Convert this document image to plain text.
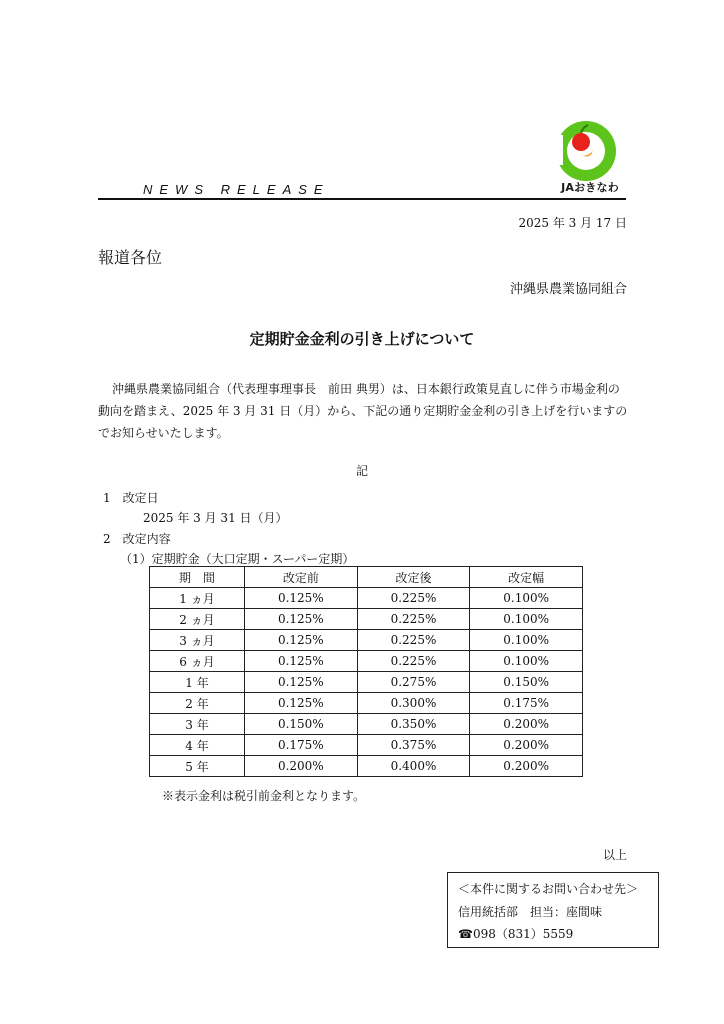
JAおきなわ
NEWS RELEASE
2025 年 3 月 17 日
報道各位
沖縄県農業協同組合
定期貯金金利の引き上げについて

沖縄県農業協同組合（代表理事理事長　前田 典男）は、日本銀行政策見直しに伴う市場金利の動向を踏まえ、2025 年 3 月 31 日（月）から、下記の通り定期貯金金利の引き上げを行いますのでお知らせいたします。

記
1　改定日
2025 年 3 月 31 日（月）
2　改定内容
（1）定期貯金（大口定期・スーパー定期）
期　間	改定前	改定後	改定幅
1 ヵ月	0.125%	0.225%	0.100%
2 ヵ月	0.125%	0.225%	0.100%
3 ヵ月	0.125%	0.225%	0.100%
6 ヵ月	0.125%	0.225%	0.100%
1 年	0.125%	0.275%	0.150%
2 年	0.125%	0.300%	0.175%
3 年	0.150%	0.350%	0.200%
4 年	0.175%	0.375%	0.200%
5 年	0.200%	0.400%	0.200%
※表示金利は税引前金利となります。
以上
＜本件に関するお問い合わせ先＞
信用統括部　担当：座間味
☎098（831）5559
